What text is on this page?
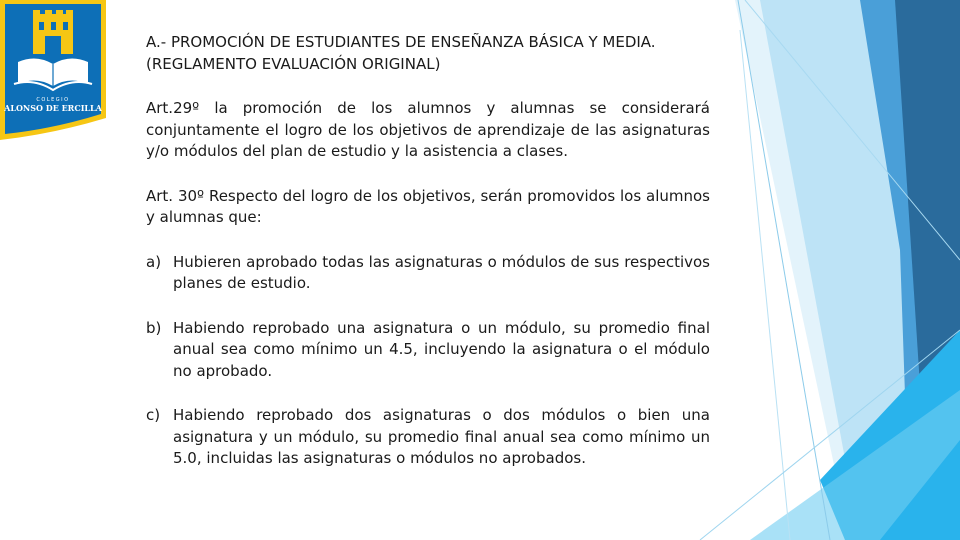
COLEGIO
ALONSO DE ERCILLA
A.- PROMOCIÓN DE ESTUDIANTES DE ENSEÑANZA BÁSICA Y MEDIA.
(REGLAMENTO EVALUACIÓN ORIGINAL)

Art.29º la promoción de los alumnos y alumnas se considerará conjuntamente el logro de los objetivos de aprendizaje de las asignaturas y/o módulos del plan de estudio y la asistencia a clases.

Art. 30º Respecto del logro de los objetivos, serán promovidos los alumnos y alumnas que:

a) Hubieren aprobado todas las asignaturas o módulos de sus respectivos planes de estudio.
b) Habiendo reprobado una asignatura o un módulo, su promedio final anual sea como mínimo un 4.5, incluyendo la asignatura o el módulo no aprobado.
c) Habiendo reprobado dos asignaturas o dos módulos o bien una asignatura y un módulo, su promedio final anual sea como mínimo un 5.0, incluidas las asignaturas o módulos no aprobados.
